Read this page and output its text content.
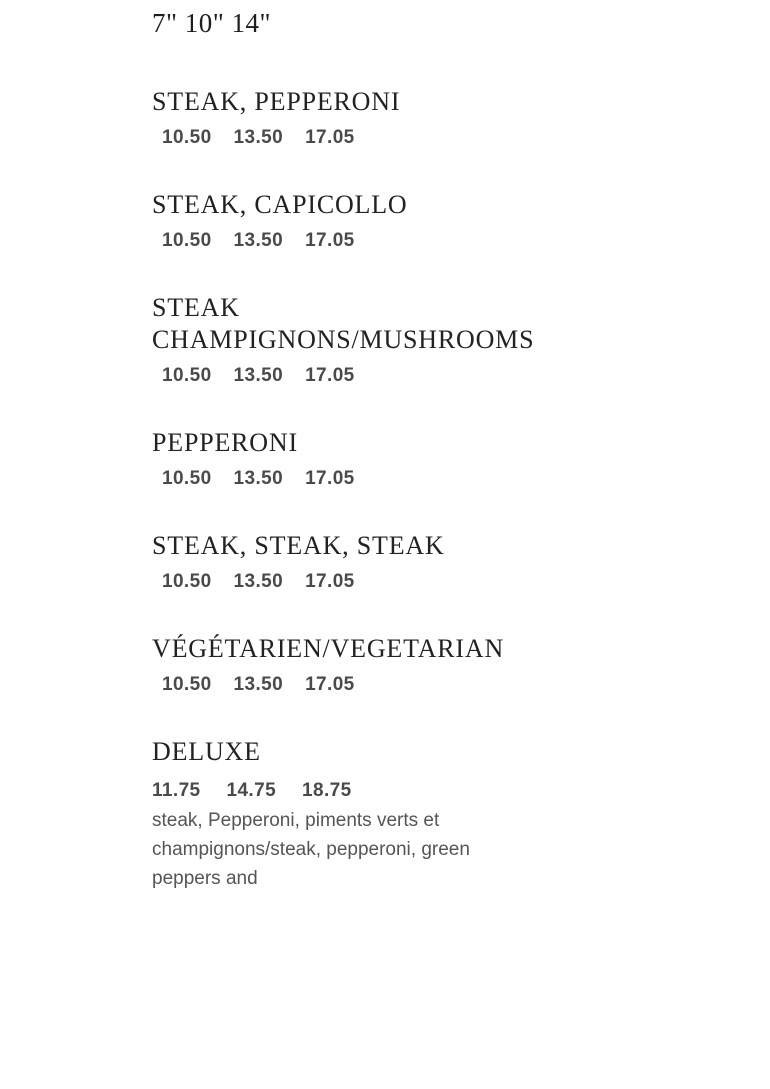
7" 10" 14"
STEAK, PEPPERONI
10.50 13.50 17.05
STEAK, CAPICOLLO
10.50 13.50 17.05
STEAK CHAMPIGNONS/MUSHROOMS
10.50 13.50 17.05
PEPPERONI
10.50 13.50 17.05
STEAK, STEAK, STEAK
10.50 13.50 17.05
VÉGÉTARIEN/VEGETARIAN
10.50 13.50 17.05
DELUXE
11.75 14.75 18.75
steak, Pepperoni, piments verts et champignons/steak, pepperoni, green peppers and
